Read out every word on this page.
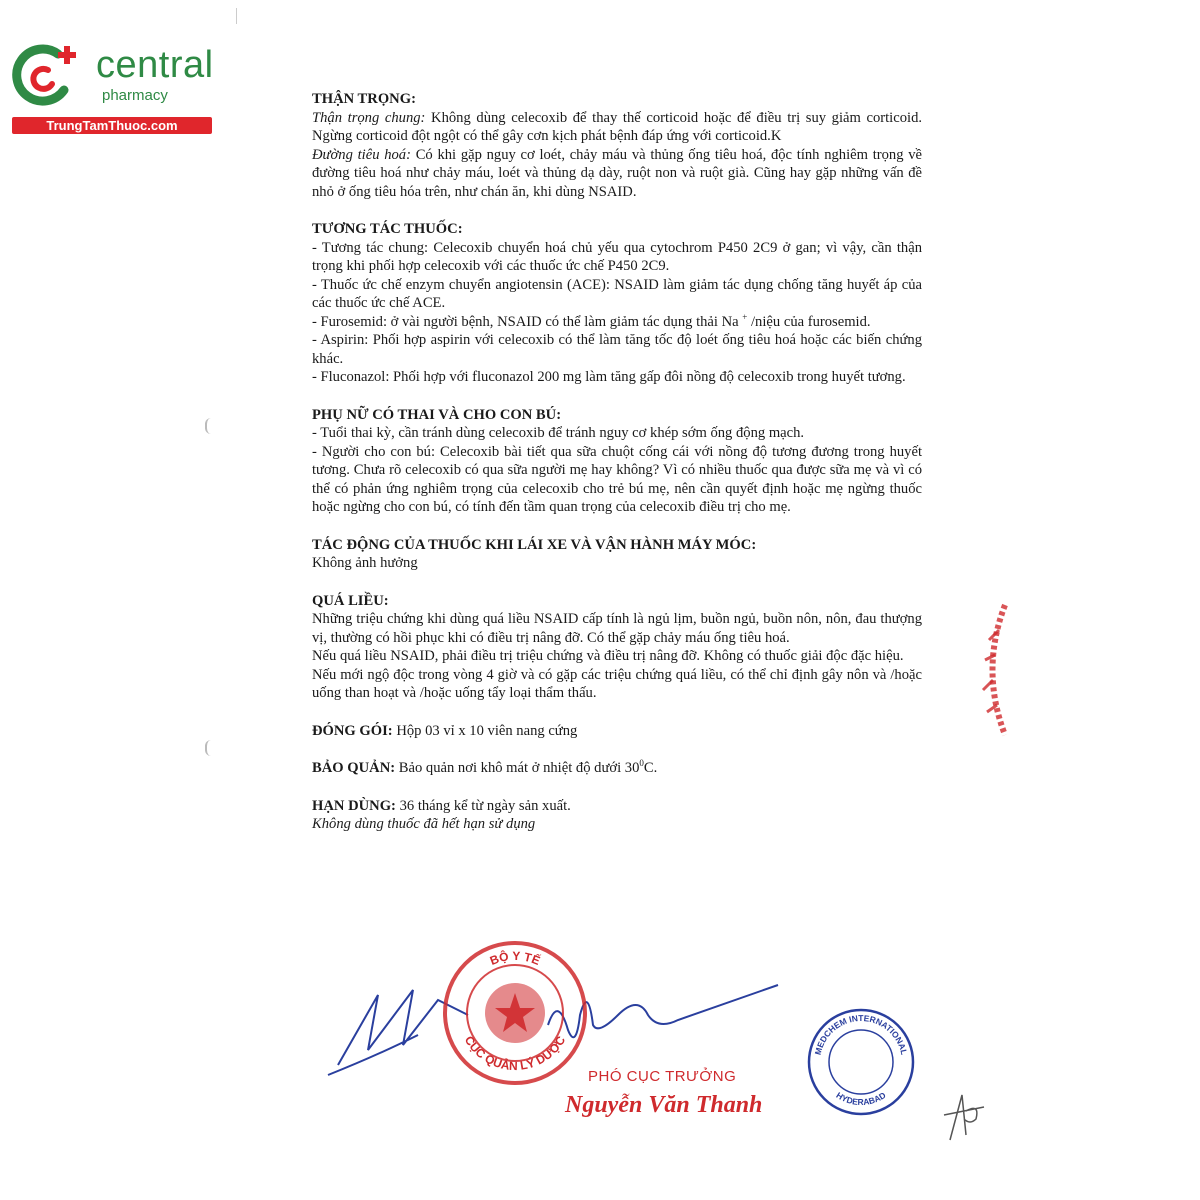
central
pharmacy
TrungTamThuoc.com
THẬN TRỌNG:

Thận trọng chung: Không dùng celecoxib để thay thế corticoid hoặc để điều trị suy giảm corticoid. Ngừng corticoid đột ngột có thể gây cơn kịch phát bệnh đáp ứng với corticoid.K

Đường tiêu hoá: Có khi gặp nguy cơ loét, chảy máu và thủng ống tiêu hoá, độc tính nghiêm trọng về đường tiêu hoá như chảy máu, loét và thủng dạ dày, ruột non và ruột già. Cũng hay gặp những vấn đề nhỏ ở ống tiêu hóa trên, như chán ăn, khi dùng NSAID.

TƯƠNG TÁC THUỐC:

- Tương tác chung: Celecoxib chuyển hoá chủ yếu qua cytochrom P450 2C9 ở gan; vì vậy, cần thận trọng khi phối hợp celecoxib với các thuốc ức chế P450 2C9.

- Thuốc ức chế enzym chuyển angiotensin (ACE): NSAID làm giảm tác dụng chống tăng huyết áp của các thuốc ức chế ACE.

- Furosemid: ở vài người bệnh, NSAID có thể làm giảm tác dụng thải Na + /niệu của furosemid.

- Aspirin: Phối hợp aspirin với celecoxib có thể làm tăng tốc độ loét ống tiêu hoá hoặc các biến chứng khác.

- Fluconazol: Phối hợp với fluconazol 200 mg làm tăng gấp đôi nồng độ celecoxib trong huyết tương.

PHỤ NỮ CÓ THAI VÀ CHO CON BÚ:

- Tuổi thai kỳ, cần tránh dùng celecoxib để tránh nguy cơ khép sớm ống động mạch.

- Người cho con bú: Celecoxib bài tiết qua sữa chuột cống cái với nồng độ tương đương trong huyết tương. Chưa rõ celecoxib có qua sữa người mẹ hay không? Vì có nhiều thuốc qua được sữa mẹ và vì có thể có phản ứng nghiêm trọng của celecoxib cho trẻ bú mẹ, nên cần quyết định hoặc mẹ ngừng thuốc hoặc ngừng cho con bú, có tính đến tầm quan trọng của celecoxib điều trị cho mẹ.

TÁC ĐỘNG CỦA THUỐC KHI LÁI XE VÀ VẬN HÀNH MÁY MÓC:

Không ảnh hưởng

QUÁ LIỀU:

Những triệu chứng khi dùng quá liều NSAID cấp tính là ngủ lịm, buồn ngủ, buồn nôn, nôn, đau thượng vị, thường có hồi phục khi có điều trị nâng đỡ. Có thể gặp chảy máu ống tiêu hoá.

Nếu quá liều NSAID, phải điều trị triệu chứng và điều trị nâng đỡ. Không có thuốc giải độc đặc hiệu.

Nếu mới ngộ độc trong vòng 4 giờ và có gặp các triệu chứng quá liều, có thể chỉ định gây nôn và /hoặc uống than hoạt và /hoặc uống tẩy loại thẩm thấu.

ĐÓNG GÓI: Hộp 03 vỉ x 10 viên nang cứng

BẢO QUẢN: Bảo quản nơi khô mát ở nhiệt độ dưới $30^0C$.

HẠN DÙNG: 36 tháng kể từ ngày sản xuất.

Không dùng thuốc đã hết hạn sử dụng

BỘ Y TẾ
CỤC QUẢN LÝ DƯỢC
PHÓ CỤC TRƯỞNG
Nguyễn Văn Thanh
MEDCHEM INTERNATIONAL
HYDERABAD
